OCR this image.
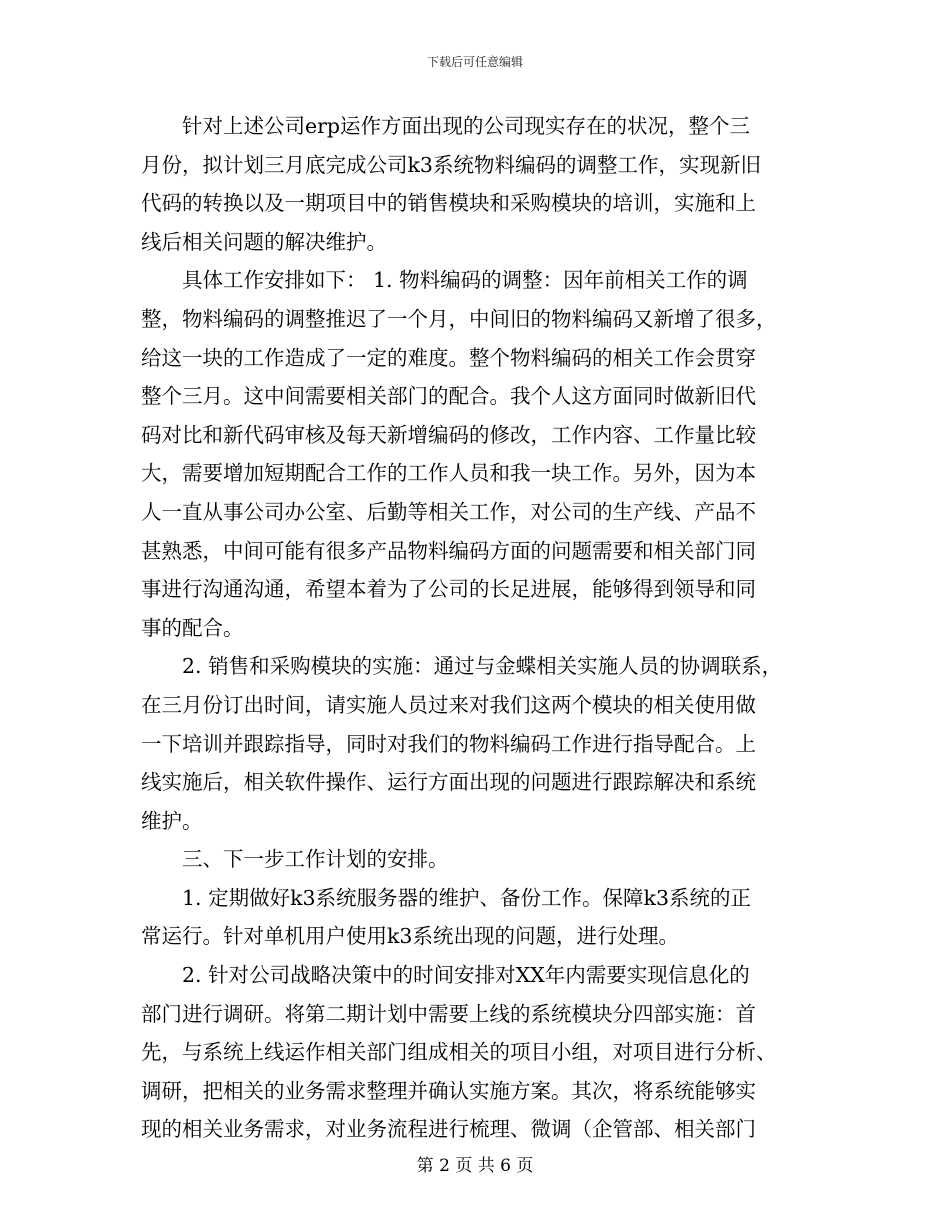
下载后可任意编辑
针对上述公司erp运作方面出现的公司现实存在的状况，整个三
月份，拟计划三月底完成公司k3系统物料编码的调整工作，实现新旧
代码的转换以及一期项目中的销售模块和采购模块的培训，实施和上
线后相关问题的解决维护。
具体工作安排如下： 1. 物料编码的调整：因年前相关工作的调
整，物料编码的调整推迟了一个月，中间旧的物料编码又新增了很多，
给这一块的工作造成了一定的难度。整个物料编码的相关工作会贯穿
整个三月。这中间需要相关部门的配合。我个人这方面同时做新旧代
码对比和新代码审核及每天新增编码的修改，工作内容、工作量比较
大，需要增加短期配合工作的工作人员和我一块工作。另外，因为本
人一直从事公司办公室、后勤等相关工作，对公司的生产线、产品不
甚熟悉，中间可能有很多产品物料编码方面的问题需要和相关部门同
事进行沟通沟通，希望本着为了公司的长足进展，能够得到领导和同
事的配合。
2. 销售和采购模块的实施：通过与金蝶相关实施人员的协调联系，
在三月份订出时间，请实施人员过来对我们这两个模块的相关使用做
一下培训并跟踪指导，同时对我们的物料编码工作进行指导配合。上
线实施后，相关软件操作、运行方面出现的问题进行跟踪解决和系统
维护。
三、下一步工作计划的安排。
1. 定期做好k3系统服务器的维护、备份工作。保障k3系统的正
常运行。针对单机用户使用k3系统出现的问题，进行处理。
2. 针对公司战略决策中的时间安排对XX年内需要实现信息化的
部门进行调研。将第二期计划中需要上线的系统模块分四部实施：首
先，与系统上线运作相关部门组成相关的项目小组，对项目进行分析、
调研，把相关的业务需求整理并确认实施方案。其次，将系统能够实
现的相关业务需求，对业务流程进行梳理、微调（企管部、相关部门
第 2 页 共 6 页
